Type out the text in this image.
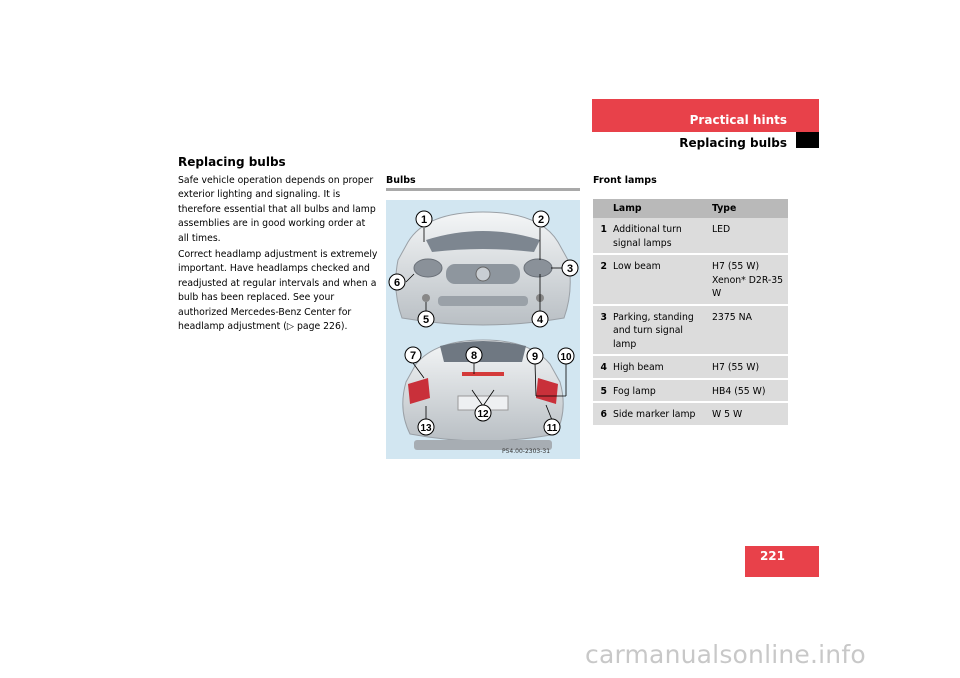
Practical hints
Replacing bulbs
Replacing bulbs
Safe vehicle operation depends on proper exterior lighting and signaling. It is therefore essential that all bulbs and lamp assemblies are in good working order at all times.
Correct headlamp adjustment is extremely important. Have headlamps checked and readjusted at regular intervals and when a bulb has been replaced. See your authorized Mercedes-Benz Center for headlamp adjustment (▷ page 226).
Bulbs
1	2
3
4
5
6
7	8	9 10
11
12
13
P54.00-2303-31
Front lamps
	Lamp	Type
1	Additional turn signal lamps	LED
2	Low beam	H7 (55 W) Xenon* D2R-35 W
3	Parking, standing and turn signal lamp	2375 NA
4	High beam	H7 (55 W)
5	Fog lamp	HB4 (55 W)
6	Side marker lamp	W 5 W
221
carmanualsonline.info
